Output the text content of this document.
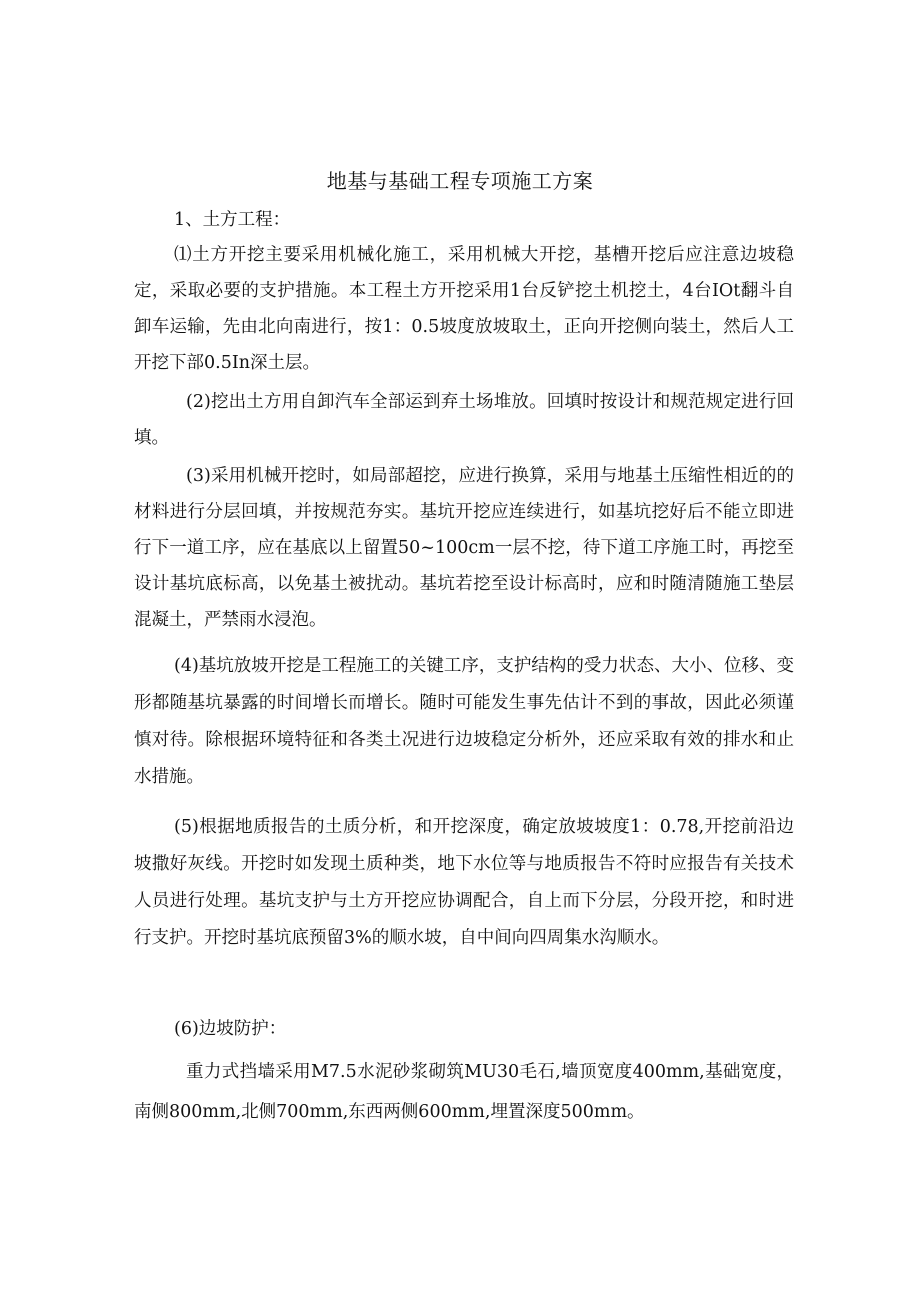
地基与基础工程专项施工方案

1、土方工程：

⑴土方开挖主要采用机械化施工，采用机械大开挖，基槽开挖后应注意边坡稳定，采取必要的支护措施。本工程土方开挖采用1台反铲挖土机挖土，4台IOt翻斗自卸车运输，先由北向南进行，按1：0.5坡度放坡取土，正向开挖侧向装土，然后人工开挖下部0.5In深土层。

(2)挖出土方用自卸汽车全部运到弃土场堆放。回填时按设计和规范规定进行回填。

(3)采用机械开挖时，如局部超挖，应进行换算，采用与地基土压缩性相近的的材料进行分层回填，并按规范夯实。基坑开挖应连续进行，如基坑挖好后不能立即进行下一道工序，应在基底以上留置50~100cm一层不挖，待下道工序施工时，再挖至设计基坑底标高，以免基土被扰动。基坑若挖至设计标高时，应和时随清随施工垫层混凝土，严禁雨水浸泡。

(4)基坑放坡开挖是工程施工的关键工序，支护结构的受力状态、大小、位移、变形都随基坑暴露的时间增长而增长。随时可能发生事先估计不到的事故，因此必须谨慎对待。除根据环境特征和各类土况进行边坡稳定分析外，还应采取有效的排水和止水措施。

(5)根据地质报告的土质分析，和开挖深度，确定放坡坡度1：0.78,开挖前沿边坡撒好灰线。开挖时如发现土质种类，地下水位等与地质报告不符时应报告有关技术人员进行处理。基坑支护与土方开挖应协调配合，自上而下分层，分段开挖，和时进行支护。开挖时基坑底预留3%的顺水坡，自中间向四周集水沟顺水。

(6)边坡防护：

重力式挡墙采用M7.5水泥砂浆砌筑MU30毛石,墙顶宽度400mm,基础宽度，南侧800mm,北侧700mm,东西两侧600mm,埋置深度500mm。
